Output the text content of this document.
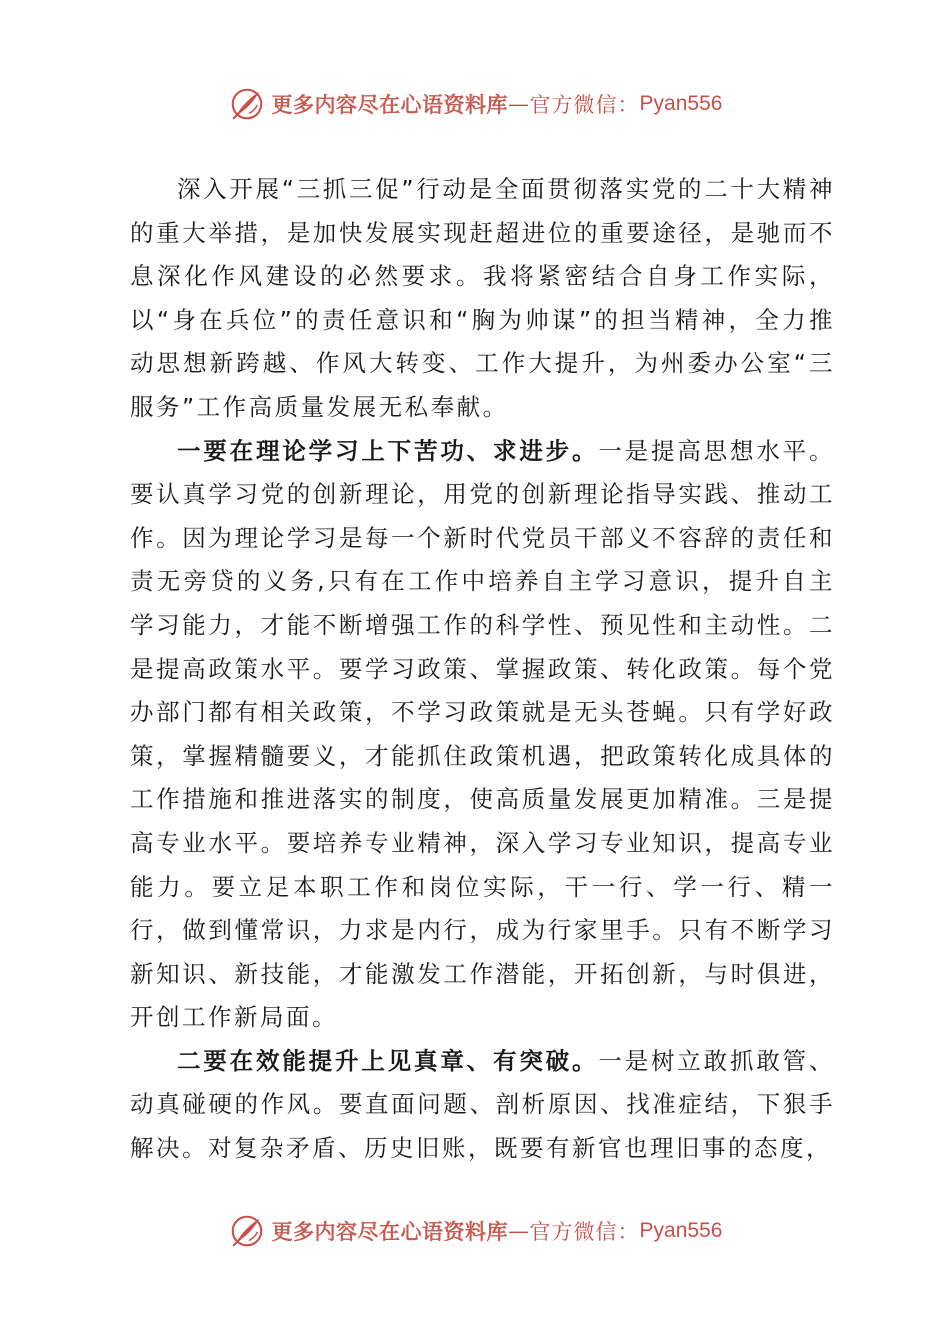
更多内容尽在心语资料库 — 官方微信： Pyan556

深入开展“三抓三促”行动是全面贯彻落实党的二十大精神的重大举措，是加快发展实现赶超进位的重要途径，是驰而不息深化作风建设的必然要求。我将紧密结合自身工作实际，以“身在兵位”的责任意识和“胸为帅谋”的担当精神，全力推动思想新跨越、作风大转变、工作大提升，为州委办公室“三服务”工作高质量发展无私奉献。

一要在理论学习上下苦功、求进步。一是提高思想水平。要认真学习党的创新理论，用党的创新理论指导实践、推动工作。因为理论学习是每一个新时代党员干部义不容辞的责任和责无旁贷的义务,只有在工作中培养自主学习意识，提升自主学习能力，才能不断增强工作的科学性、预见性和主动性。二是提高政策水平。要学习政策、掌握政策、转化政策。每个党办部门都有相关政策，不学习政策就是无头苍蝇。只有学好政策，掌握精髓要义，才能抓住政策机遇，把政策转化成具体的工作措施和推进落实的制度，使高质量发展更加精准。三是提高专业水平。要培养专业精神，深入学习专业知识，提高专业能力。要立足本职工作和岗位实际，干一行、学一行、精一行，做到懂常识，力求是内行，成为行家里手。只有不断学习新知识、新技能，才能激发工作潜能，开拓创新，与时俱进，开创工作新局面。

二要在效能提升上见真章、有突破。一是树立敢抓敢管、动真碰硬的作风。要直面问题、剖析原因、找准症结，下狠手解决。对复杂矛盾、历史旧账，既要有新官也理旧事的态度，

更多内容尽在心语资料库 — 官方微信： Pyan556
